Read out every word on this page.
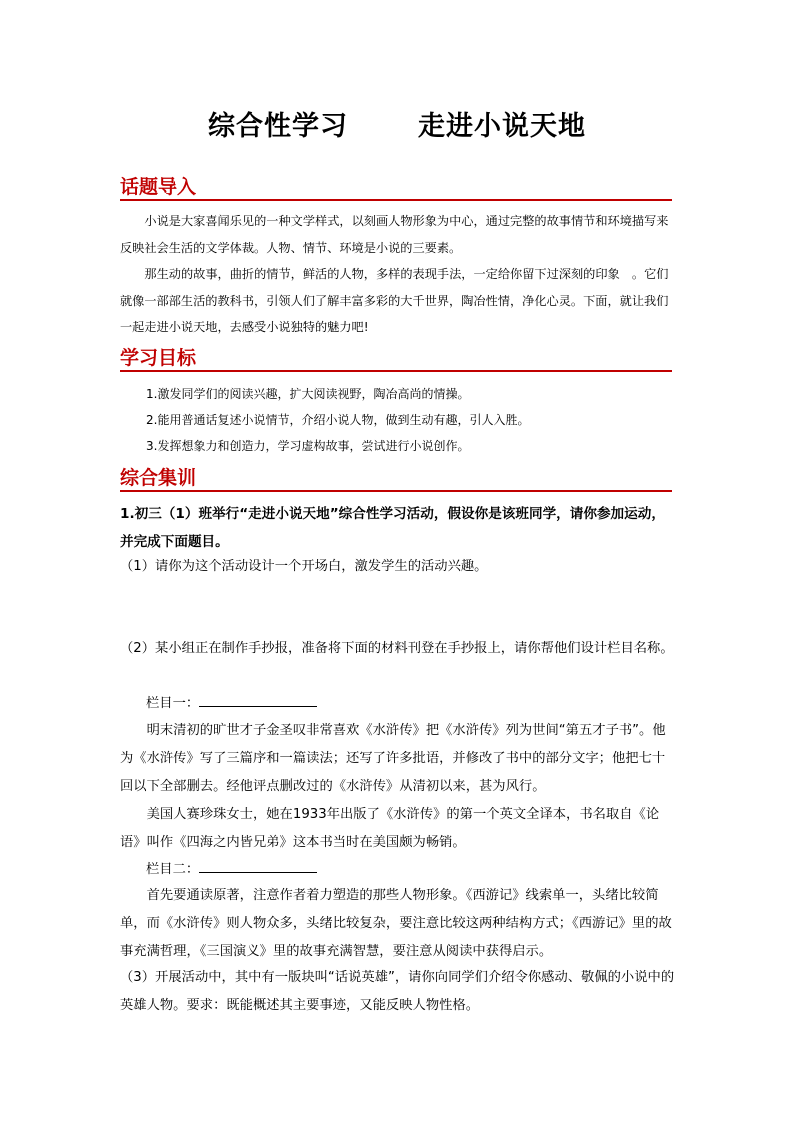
综合性学习	走进小说天地
话题导入

小说是大家喜闻乐见的一种文学样式，以刻画人物形象为中心，通过完整的故事情节和环境描写来反映社会生活的文学体裁。人物、情节、环境是小说的三要素。

那生动的故事，曲折的情节，鲜活的人物，多样的表现手法，一定给你留下过深刻的印象　。它们就像一部部生活的教科书，引领人们了解丰富多彩的大千世界，陶冶性情，净化心灵。下面，就让我们一起走进小说天地，去感受小说独特的魅力吧!

学习目标
1.激发同学们的阅读兴趣，扩大阅读视野，陶冶高尚的情操。
2.能用普通话复述小说情节，介绍小说人物，做到生动有趣，引人入胜。
3.发挥想象力和创造力，学习虚构故事，尝试进行小说创作。
综合集训
1.初三（1）班举行“走进小说天地”综合性学习活动，假设你是该班同学，请你参加运动，并完成下面题目。
（1）请你为这个活动设计一个开场白，激发学生的活动兴趣。
（2）某小组正在制作手抄报，准备将下面的材料刊登在手抄报上，请你帮他们设计栏目名称。
栏目一：

明末清初的旷世才子金圣叹非常喜欢《水浒传》把《水浒传》列为世间“第五才子书”。他为《水浒传》写了三篇序和一篇读法；还写了许多批语，并修改了书中的部分文字；他把七十回以下全部删去。经他评点删改过的《水浒传》从清初以来，甚为风行。

美国人赛珍珠女士，她在1933年出版了《水浒传》的第一个英文全译本，书名取自《论语》叫作《四海之内皆兄弟》这本书当时在美国颇为畅销。

栏目二：

首先要通读原著，注意作者着力塑造的那些人物形象。《西游记》线索单一，头绪比较简单，而《水浒传》则人物众多，头绪比较复杂，要注意比较这两种结构方式；《西游记》里的故事充满哲理，《三国演义》里的故事充满智慧，要注意从阅读中获得启示。

（3）开展活动中，其中有一版块叫“话说英雄”，请你向同学们介绍令你感动、敬佩的小说中的英雄人物。要求：既能概述其主要事迹，又能反映人物性格。
